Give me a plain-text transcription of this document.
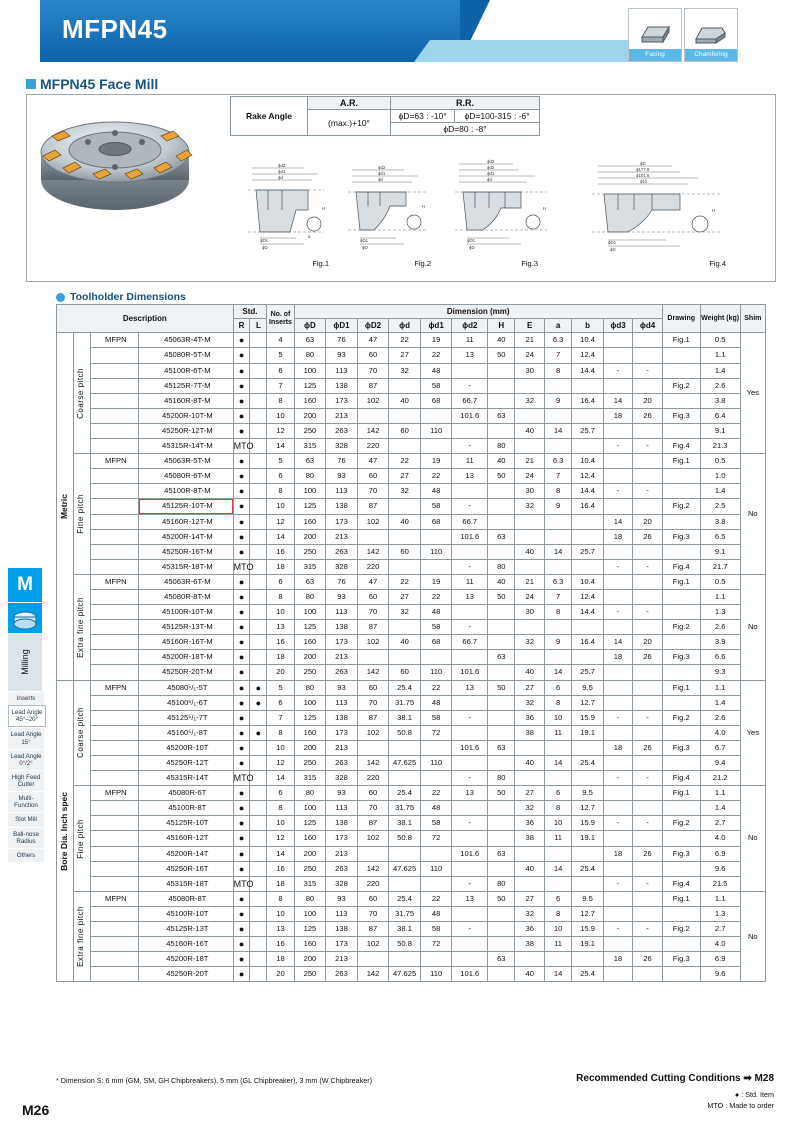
MFPN45
Facing	Chamfering
MFPN45 Face Mill
Rake Angle	A.R.	R.R.	
	(max.)+10°	ϕD=63 : -10°	ϕD=100-315 : -6°
		ϕD=80 : -8°	
ϕd2
ϕd1
ϕd
ϕD1
ϕD
a
H
Fig.1
ϕd2
ϕd1
ϕd
ϕD1
ϕD
H
Fig.2
ϕd3
ϕd2
ϕd1
ϕd
ϕD1
ϕD
H
Fig.3
ϕD
ϕ177.8
ϕ101.6
ϕ12
ϕD1
ϕD
H
Fig.4
Toolholder Dimensions
Description				Std.		No. of Inserts	Dimension (mm)												Drawing	Weight (kg)	Shim
				R	L		ϕD	ϕD1	ϕD2	ϕd	ϕd1	ϕd2	H	E	a	b	ϕd3	ϕd4			

Metric	Coarse pitch	MFPN	45063R-4T-M	●		4	63	76	47	22	19	11	40	21	6.3	10.4			Fig.1	0.5	Yes
			45080R-5T-M	●		5	80	93	60	27	22	13	50	24	7	12.4				1.1	
			45100R-6T-M	●		6	100	113	70	32	48			30	8	14.4	-	-		1.4	
			45125R-7T-M	●		7	125	138	87		58	-							Fig.2	2.6	
			45160R-8T-M	●		8	160	173	102	40	68	66.7		32	9	16.4	14	20		3.8	
			45200R-10T-M	●		10	200	213				101.6	63				18	26	Fig.3	6.4	
			45250R-12T-M	●		12	250	263	142	60	110			40	14	25.7				9.1	
			45315R-14T-M	MTO		14	315	328	220			-	80				-	-	Fig.4	21.3	

	Fine pitch	MFPN	45063R-5T-M	●		5	63	76	47	22	19	11	40	21	6.3	10.4			Fig.1	0.5	No
			45080R-6T-M	●		6	80	93	60	27	22	13	50	24	7	12.4				1.0	
			45100R-8T-M	●		8	100	113	70	32	48			30	8	14.4	-	-		1.4	
			45125R-10T-M	●		10	125	138	87		58	-		32	9	16.4			Fig.2	2.5	
			45160R-12T-M	●		12	160	173	102	40	68	66.7					14	20		3.8	
			45200R-14T-M	●		14	200	213				101.6	63				18	26	Fig.3	6.5	
			45250R-16T-M	●		16	250	263	142	60	110			40	14	25.7				9.1	
			45315R-18T-M	MTO		18	315	328	220			-	80				-	-	Fig.4	21.7	

	Extra fine pitch	MFPN	45063R-6T-M	●		6	63	76	47	22	19	11	40	21	6.3	10.4			Fig.1	0.5	No
			45080R-8T-M	●		8	80	93	60	27	22	13	50	24	7	12.4				1.1	
			45100R-10T-M	●		10	100	113	70	32	48			30	8	14.4	-	-		1.3	
			45125R-13T-M	●		13	125	138	87		58	-							Fig.2	2.6	
			45160R-16T-M	●		16	160	173	102	40	68	66.7		32	9	16.4	14	20		3.9	
			45200R-18T-M	●		18	200	213					63				18	26	Fig.3	6.6	
			45250R-20T-M	●		20	250	263	142	60	110	101.6		40	14	25.7				9.3	

Bore Dia. Inch spec	Coarse pitch	MFPN	45080⁵/₁-5T	●	●	5	80	93	60	25.4	22	13	50	27	6	9.5			Fig.1	1.1	Yes
			45100⁶/₁-6T	●	●	6	100	113	70	31.75	48			32	8	12.7				1.4	
			45125⁵/₁-7T	●		7	125	138	87	38.1	58	-		36	10	15.9	-	-	Fig.2	2.6	
			45160⁵/₁-8T	●	●	8	160	173	102	50.8	72			38	11	19.1				4.0	
			45200R-10T	●		10	200	213				101.6	63				18	26	Fig.3	6.7	
			45250R-12T	●		12	250	263	142	47.625	110			40	14	25.4				9.4	
			45315R-14T	MTO		14	315	328	220			-	80				-	-	Fig.4	21.2	

	Fine pitch	MFPN	45080R-6T	●		6	80	93	60	25.4	22	13	50	27	6	9.5			Fig.1	1.1	No
			45100R-8T	●		8	100	113	70	31.75	48			32	8	12.7				1.4	
			45125R-10T	●		10	125	138	87	38.1	58	-		36	10	15.9	-	-	Fig.2	2.7	
			45160R-12T	●		12	160	173	102	50.8	72			38	11	19.1				4.0	
			45200R-14T	●		14	200	213				101.6	63				18	26	Fig.3	6.9	
			45250R-16T	●		16	250	263	142	47.625	110			40	14	25.4				9.6	
			45315R-18T	MTO		18	315	328	220			-	80				-	-	Fig.4	21.5	

	Extra fine pitch	MFPN	45080R-8T	●		8	80	93	60	25.4	22	13	50	27	6	9.5			Fig.1	1.1	No
			45100R-10T	●		10	100	113	70	31.75	48			32	8	12.7				1.3	
			45125R-13T	●		13	125	138	87	38.1	58	-		36	10	15.9	-	-	Fig.2	2.7	
			45160R-16T	●		16	160	173	102	50.8	72			38	11	19.1				4.0	
			45200R-18T	●		18	200	213					63				18	26	Fig.3	6.9	
			45250R-20T	●		20	250	263	142	47.625	110	101.6		40	14	25.4				9.6	
* Dimension S: 6 mm (GM, SM, GH Chipbreakers), 5 mm (GL Chipbreaker), 3 mm (W Chipbreaker)	Recommended Cutting Conditions ➡ M28
● : Std. Item
MTO : Made to order
M26
M
Milling
Inserts
Lead Angle 45°–20°
Lead Angle 15°
Lead Angle 0°/2°
High Feed Cutter
Multi-Function
Slot Mill
Ball-nose Radius
Others
